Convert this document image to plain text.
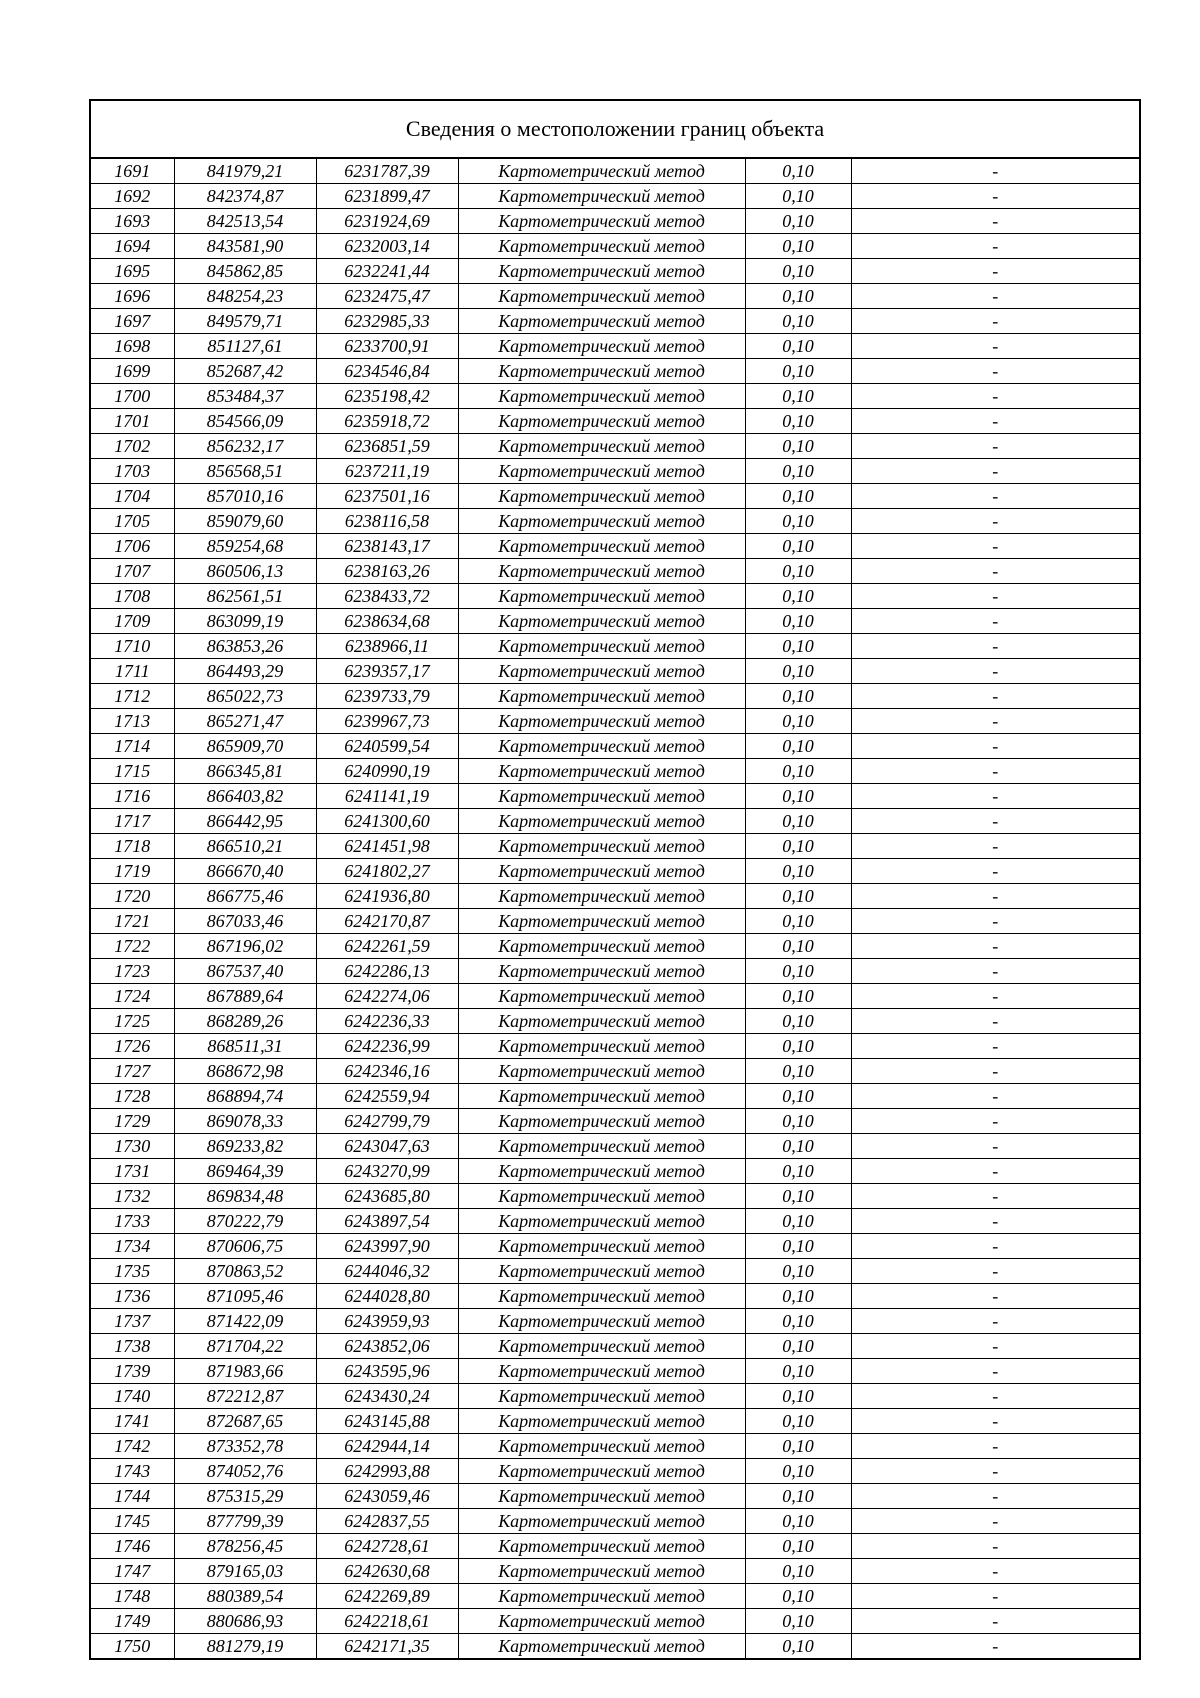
Сведения о местоположении границ объекта
1691	841979,21	6231787,39	Картометрический метод	0,10	-
1692	842374,87	6231899,47	Картометрический метод	0,10	-
1693	842513,54	6231924,69	Картометрический метод	0,10	-
1694	843581,90	6232003,14	Картометрический метод	0,10	-
1695	845862,85	6232241,44	Картометрический метод	0,10	-
1696	848254,23	6232475,47	Картометрический метод	0,10	-
1697	849579,71	6232985,33	Картометрический метод	0,10	-
1698	851127,61	6233700,91	Картометрический метод	0,10	-
1699	852687,42	6234546,84	Картометрический метод	0,10	-
1700	853484,37	6235198,42	Картометрический метод	0,10	-
1701	854566,09	6235918,72	Картометрический метод	0,10	-
1702	856232,17	6236851,59	Картометрический метод	0,10	-
1703	856568,51	6237211,19	Картометрический метод	0,10	-
1704	857010,16	6237501,16	Картометрический метод	0,10	-
1705	859079,60	6238116,58	Картометрический метод	0,10	-
1706	859254,68	6238143,17	Картометрический метод	0,10	-
1707	860506,13	6238163,26	Картометрический метод	0,10	-
1708	862561,51	6238433,72	Картометрический метод	0,10	-
1709	863099,19	6238634,68	Картометрический метод	0,10	-
1710	863853,26	6238966,11	Картометрический метод	0,10	-
1711	864493,29	6239357,17	Картометрический метод	0,10	-
1712	865022,73	6239733,79	Картометрический метод	0,10	-
1713	865271,47	6239967,73	Картометрический метод	0,10	-
1714	865909,70	6240599,54	Картометрический метод	0,10	-
1715	866345,81	6240990,19	Картометрический метод	0,10	-
1716	866403,82	6241141,19	Картометрический метод	0,10	-
1717	866442,95	6241300,60	Картометрический метод	0,10	-
1718	866510,21	6241451,98	Картометрический метод	0,10	-
1719	866670,40	6241802,27	Картометрический метод	0,10	-
1720	866775,46	6241936,80	Картометрический метод	0,10	-
1721	867033,46	6242170,87	Картометрический метод	0,10	-
1722	867196,02	6242261,59	Картометрический метод	0,10	-
1723	867537,40	6242286,13	Картометрический метод	0,10	-
1724	867889,64	6242274,06	Картометрический метод	0,10	-
1725	868289,26	6242236,33	Картометрический метод	0,10	-
1726	868511,31	6242236,99	Картометрический метод	0,10	-
1727	868672,98	6242346,16	Картометрический метод	0,10	-
1728	868894,74	6242559,94	Картометрический метод	0,10	-
1729	869078,33	6242799,79	Картометрический метод	0,10	-
1730	869233,82	6243047,63	Картометрический метод	0,10	-
1731	869464,39	6243270,99	Картометрический метод	0,10	-
1732	869834,48	6243685,80	Картометрический метод	0,10	-
1733	870222,79	6243897,54	Картометрический метод	0,10	-
1734	870606,75	6243997,90	Картометрический метод	0,10	-
1735	870863,52	6244046,32	Картометрический метод	0,10	-
1736	871095,46	6244028,80	Картометрический метод	0,10	-
1737	871422,09	6243959,93	Картометрический метод	0,10	-
1738	871704,22	6243852,06	Картометрический метод	0,10	-
1739	871983,66	6243595,96	Картометрический метод	0,10	-
1740	872212,87	6243430,24	Картометрический метод	0,10	-
1741	872687,65	6243145,88	Картометрический метод	0,10	-
1742	873352,78	6242944,14	Картометрический метод	0,10	-
1743	874052,76	6242993,88	Картометрический метод	0,10	-
1744	875315,29	6243059,46	Картометрический метод	0,10	-
1745	877799,39	6242837,55	Картометрический метод	0,10	-
1746	878256,45	6242728,61	Картометрический метод	0,10	-
1747	879165,03	6242630,68	Картометрический метод	0,10	-
1748	880389,54	6242269,89	Картометрический метод	0,10	-
1749	880686,93	6242218,61	Картометрический метод	0,10	-
1750	881279,19	6242171,35	Картометрический метод	0,10	-
